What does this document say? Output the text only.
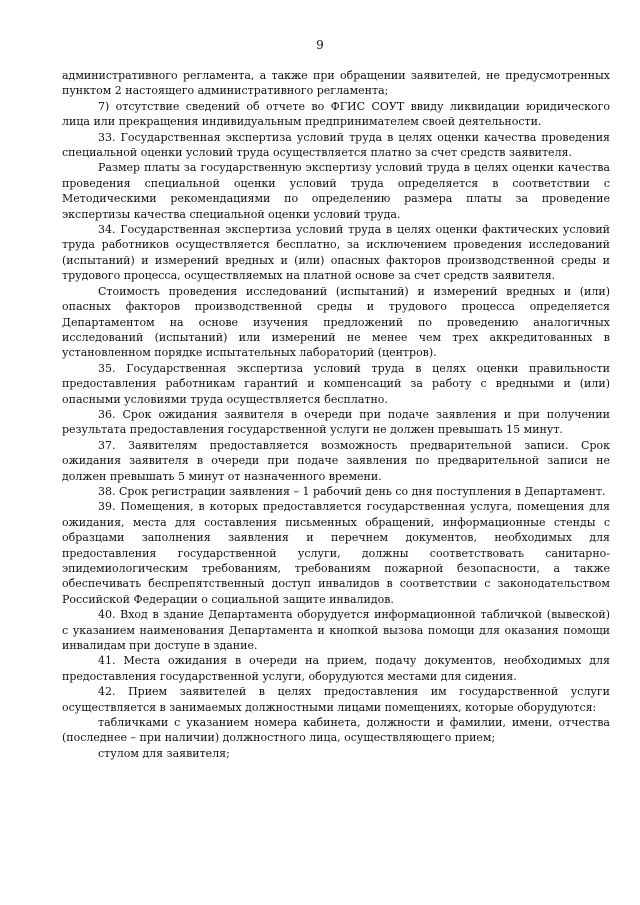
9

административного регламента, а также при обращении заявителей, не предусмотренных пунктом 2 настоящего административного регламента;

7) отсутствие сведений об отчете во ФГИС СОУТ ввиду ликвидации юридического лица или прекращения индивидуальным предпринимателем своей деятельности.

33. Государственная экспертиза условий труда в целях оценки качества проведения специальной оценки условий труда осуществляется платно за счет средств заявителя.

Размер платы за государственную экспертизу условий труда в целях оценки качества проведения специальной оценки условий труда определяется в соответствии с Методическими рекомендациями по определению размера платы за проведение экспертизы качества специальной оценки условий труда.

34. Государственная экспертиза условий труда в целях оценки фактических условий труда работников осуществляется бесплатно, за исключением проведения исследований (испытаний) и измерений вредных и (или) опасных факторов производственной среды и трудового процесса, осуществляемых на платной основе за счет средств заявителя.

Стоимость проведения исследований (испытаний) и измерений вредных и (или) опасных факторов производственной среды и трудового процесса определяется Департаментом на основе изучения предложений по проведению аналогичных исследований (испытаний) или измерений не менее чем трех аккредитованных в установленном порядке испытательных лабораторий (центров).

35. Государственная экспертиза условий труда в целях оценки правильности предоставления работникам гарантий и компенсаций за работу с вредными и (или) опасными условиями труда осуществляется бесплатно.

36. Срок ожидания заявителя в очереди при подаче заявления и при получении результата предоставления государственной услуги не должен превышать 15 минут.

37. Заявителям предоставляется возможность предварительной записи. Срок ожидания заявителя в очереди при подаче заявления по предварительной записи не должен превышать 5 минут от назначенного времени.

38. Срок регистрации заявления – 1 рабочий день со дня поступления в Департамент.

39. Помещения, в которых предоставляется государственная услуга, помещения для ожидания, места для составления письменных обращений, информационные стенды с образцами заполнения заявления и перечнем документов, необходимых для предоставления государственной услуги, должны соответствовать санитарно-эпидемиологическим требованиям, требованиям пожарной безопасности, а также обеспечивать беспрепятственный доступ инвалидов в соответствии с законодательством Российской Федерации о социальной защите инвалидов.

40. Вход в здание Департамента оборудуется информационной табличкой (вывеской) с указанием наименования Департамента и кнопкой вызова помощи для оказания помощи инвалидам при доступе в здание.

41. Места ожидания в очереди на прием, подачу документов, необходимых для предоставления государственной услуги, оборудуются местами для сидения.

42. Прием заявителей в целях предоставления им государственной услуги осуществляется в занимаемых должностными лицами помещениях, которые оборудуются:

табличками с указанием номера кабинета, должности и фамилии, имени, отчества (последнее – при наличии) должностного лица, осуществляющего прием;

стулом для заявителя;
